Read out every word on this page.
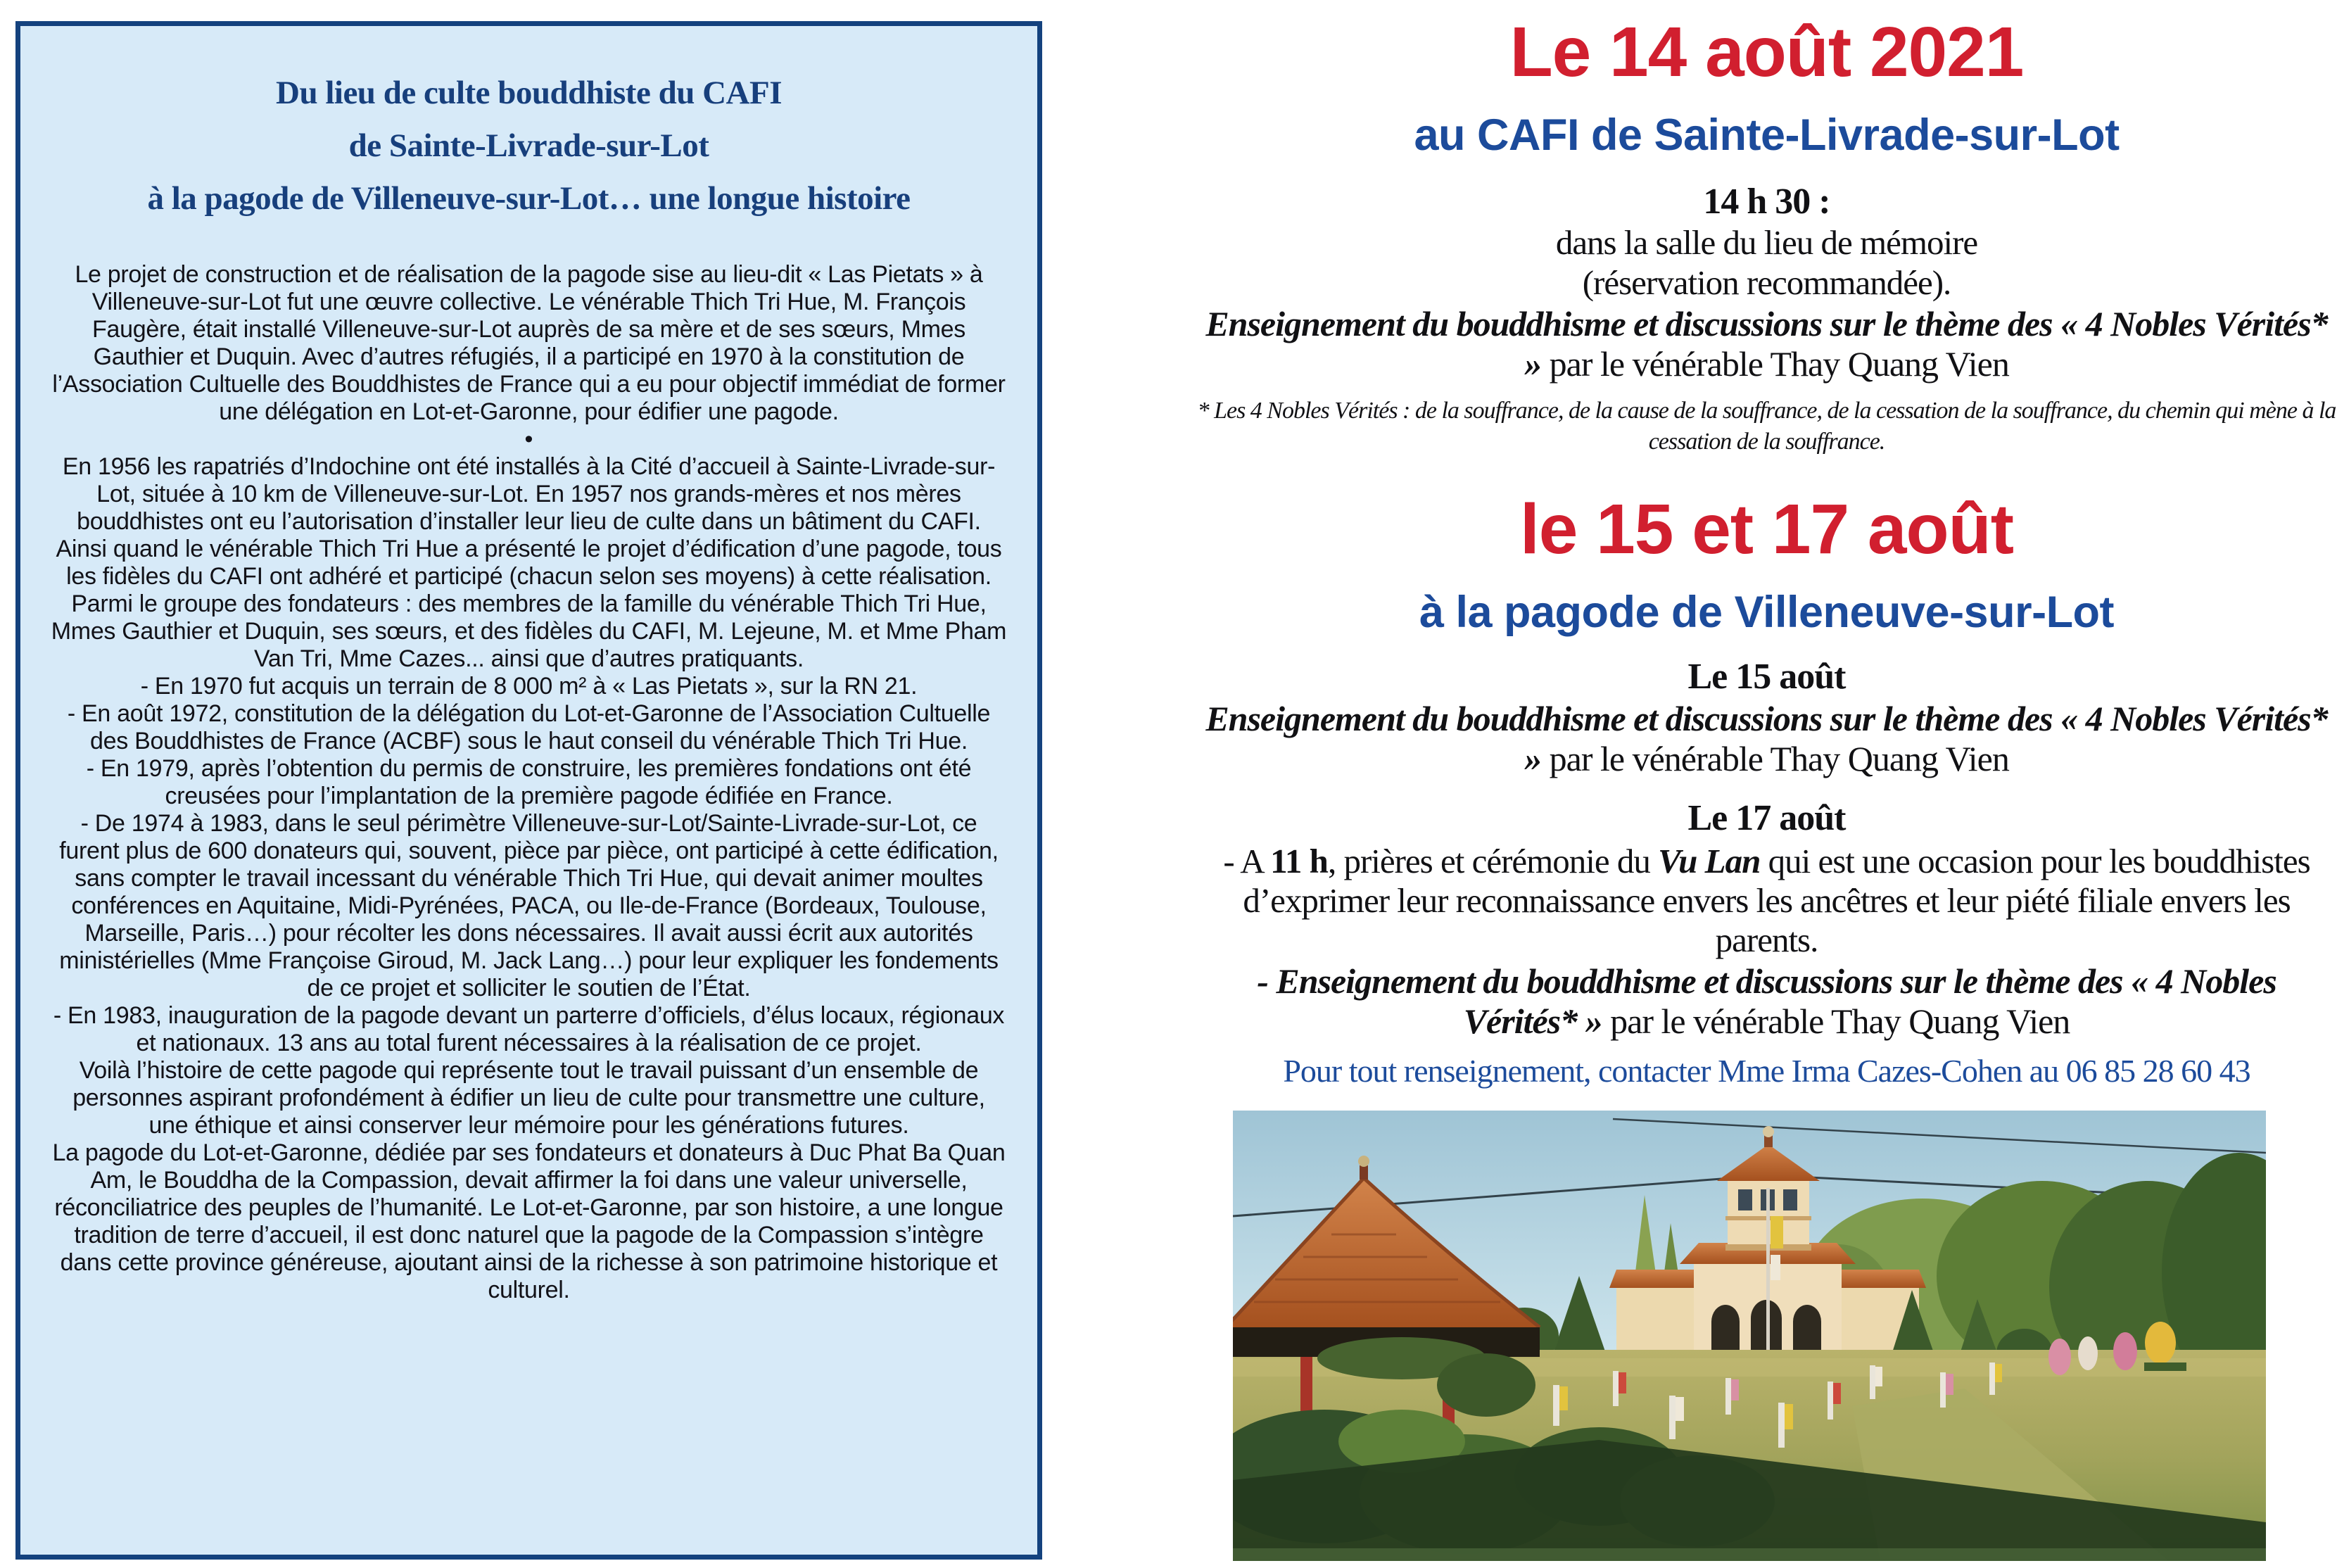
Du lieu de culte bouddhiste du CAFI
de Sainte-Livrade-sur-Lot
à la pagode de Villeneuve-sur-Lot… une longue histoire

Le projet de construction et de réalisation de la pagode sise au lieu-dit « Las Pietats » à Villeneuve-sur-Lot fut une œuvre collective. Le vénérable Thich Tri Hue, M. François Faugère, était installé Villeneuve-sur-Lot auprès de sa mère et de ses sœurs, Mmes Gauthier et Duquin. Avec d’autres réfugiés, il a participé en 1970 à la constitution de l’Association Cultuelle des Bouddhistes de France qui a eu pour objectif immédiat de former une délégation en Lot-et-Garonne, pour édifier une pagode.

•

En 1956 les rapatriés d’Indochine ont été installés à la Cité d’accueil à Sainte-Livrade-sur-Lot, située à 10 km de Villeneuve-sur-Lot. En 1957 nos grands-mères et nos mères bouddhistes ont eu l’autorisation d’installer leur lieu de culte dans un bâtiment du CAFI. Ainsi quand le vénérable Thich Tri Hue a présenté le projet d’édification d’une pagode, tous les fidèles du CAFI ont adhéré et participé (chacun selon ses moyens) à cette réalisation. Parmi le groupe des fondateurs : des membres de la famille du vénérable Thich Tri Hue, Mmes Gauthier et Duquin, ses sœurs, et des fidèles du CAFI, M. Lejeune, M. et Mme Pham Van Tri, Mme Cazes... ainsi que d’autres pratiquants.

- En 1970 fut acquis un terrain de 8 000 m² à « Las Pietats », sur la RN 21.

- En août 1972, constitution de la délégation du Lot-et-Garonne de l’Association Cultuelle des Bouddhistes de France (ACBF) sous le haut conseil du vénérable Thich Tri Hue.

- En 1979, après l’obtention du permis de construire, les premières fondations ont été creusées pour l’implantation de la première pagode édifiée en France.

- De 1974 à 1983, dans le seul périmètre Villeneuve-sur-Lot/Sainte-Livrade-sur-Lot, ce furent plus de 600 donateurs qui, souvent, pièce par pièce, ont participé à cette édification, sans compter le travail incessant du vénérable Thich Tri Hue, qui devait animer moultes conférences en Aquitaine, Midi-Pyrénées, PACA, ou Ile-de-France (Bordeaux, Toulouse, Marseille, Paris…) pour récolter les dons nécessaires. Il avait aussi écrit aux autorités ministérielles (Mme Françoise Giroud, M. Jack Lang…) pour leur expliquer les fondements de ce projet et solliciter le soutien de l’État.

- En 1983, inauguration de la pagode devant un parterre d’officiels, d’élus locaux, régionaux et nationaux. 13 ans au total furent nécessaires à la réalisation de ce projet.

Voilà l’histoire de cette pagode qui représente tout le travail puissant d’un ensemble de personnes aspirant profondément à édifier un lieu de culte pour transmettre une culture, une éthique et ainsi conserver leur mémoire pour les générations futures.

La pagode du Lot-et-Garonne, dédiée par ses fondateurs et donateurs à Duc Phat Ba Quan Am, le Bouddha de la Compassion, devait affirmer la foi dans une valeur universelle, réconciliatrice des peuples de l’humanité. Le Lot-et-Garonne, par son histoire, a une longue tradition de terre d’accueil, il est donc naturel que la pagode de la Compassion s’intègre dans cette province généreuse, ajoutant ainsi de la richesse à son patrimoine historique et culturel.

Le 14 août 2021
au CAFI de Sainte-Livrade-sur-Lot
14 h 30 :
dans la salle du lieu de mémoire
(réservation recommandée).
Enseignement du bouddhisme et discussions sur le thème des « 4 Nobles Vérités* » par le vénérable Thay Quang Vien
* Les 4 Nobles Vérités : de la souffrance, de la cause de la souffrance, de la cessation de la souffrance, du chemin qui mène à la cessation de la souffrance.
le 15 et 17 août
à la pagode de Villeneuve-sur-Lot
Le 15 août
Enseignement du bouddhisme et discussions sur le thème des « 4 Nobles Vérités* » par le vénérable Thay Quang Vien
Le 17 août
- A 11 h, prières et cérémonie du Vu Lan qui est une occasion pour les bouddhistes d’exprimer leur reconnaissance envers les ancêtres et leur piété filiale envers les parents.
- Enseignement du bouddhisme et discussions sur le thème des « 4 Nobles Vérités* » par le vénérable Thay Quang Vien
Pour tout renseignement, contacter Mme Irma Cazes-Cohen au 06 85 28 60 43
